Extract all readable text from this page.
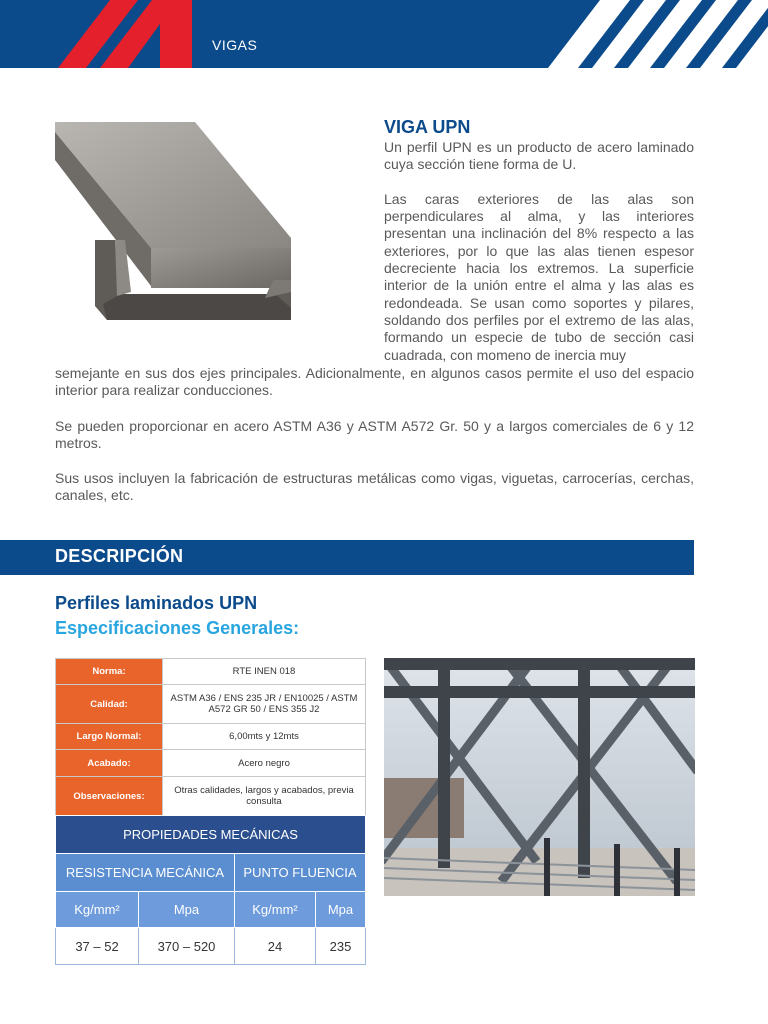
VIGAS
VIGA UPN

Un perfil UPN es un producto de acero laminado cuya sección tiene forma de U.

Las caras exteriores de las alas son perpendiculares al alma, y las interiores presentan una inclinación del 8% respecto a las exteriores, por lo que las alas tienen espesor decreciente hacia los extremos. La superficie interior de la unión entre el alma y las alas es redondeada. Se usan como soportes y pilares, soldando dos perfiles por el extremo de las alas, formando un especie de tubo de sección casi cuadrada, con momeno de inercia muy

semejante en sus dos ejes principales. Adicionalmente, en algunos casos permite el uso del espacio interior para realizar conducciones.

Se pueden proporcionar en acero ASTM A36 y ASTM A572 Gr. 50 y a largos comerciales de 6 y 12 metros.

Sus usos incluyen la fabricación de estructuras metálicas como vigas, viguetas, carrocerías, cerchas, canales, etc.

DESCRIPCIÓN
Perfiles laminados UPN
Especificaciones Generales:
Norma:	RTE INEN 018
Calidad:	ASTM A36 / ENS 235 JR / EN10025 / ASTM A572 GR 50 / ENS 355 J2
Largo Normal:	6,00mts y 12mts
Acabado:	Acero negro
Observaciones:	Otras calidades, largos y acabados, previa consulta
PROPIEDADES MECÁNICAS			
RESISTENCIA MECÁNICA		PUNTO FLUENCIA	
Kg/mm²	Mpa	Kg/mm²	Mpa
37 – 52	370 – 520	24	235
